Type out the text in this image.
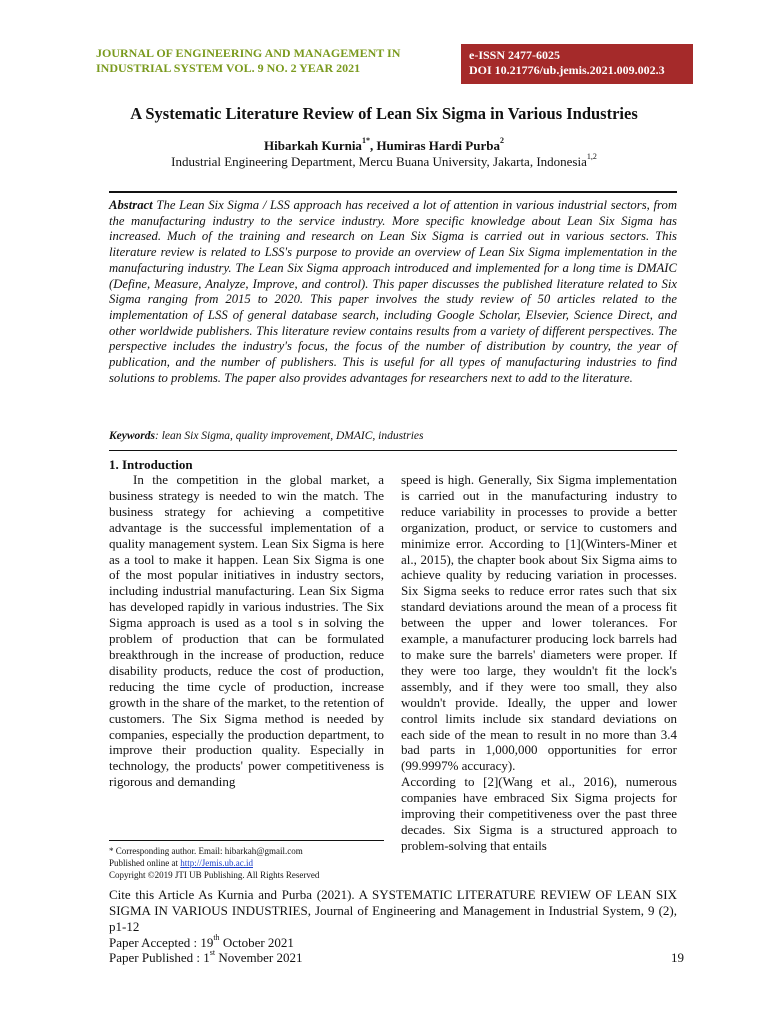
JOURNAL OF ENGINEERING AND MANAGEMENT IN
INDUSTRIAL SYSTEM VOL. 9 NO. 2 YEAR 2021
e-ISSN 2477-6025
DOI 10.21776/ub.jemis.2021.009.002.3
A Systematic Literature Review of Lean Six Sigma in Various Industries
Hibarkah Kurnia$^{1*}$, Humiras Hardi Purba$^2$
Industrial Engineering Department, Mercu Buana University, Jakarta, Indonesia$^{1,2}$
Abstract The Lean Six Sigma / LSS approach has received a lot of attention in various industrial sectors, from the manufacturing industry to the service industry. More specific knowledge about Lean Six Sigma has increased. Much of the training and research on Lean Six Sigma is carried out in various sectors. This literature review is related to LSS's purpose to provide an overview of Lean Six Sigma implementation in the manufacturing industry. The Lean Six Sigma approach introduced and implemented for a long time is DMAIC (Define, Measure, Analyze, Improve, and control). This paper discusses the published literature related to Six Sigma ranging from 2015 to 2020. This paper involves the study review of 50 articles related to the implementation of LSS of general database search, including Google Scholar, Elsevier, Science Direct, and other worldwide publishers. This literature review contains results from a variety of different perspectives. The perspective includes the industry's focus, the focus of the number of distribution by country, the year of publication, and the number of publishers. This is useful for all types of manufacturing industries to find solutions to problems. The paper also provides advantages for researchers next to add to the literature.
Keywords: lean Six Sigma, quality improvement, DMAIC, industries
1. Introduction
In the competition in the global market, a business strategy is needed to win the match. The business strategy for achieving a competitive advantage is the successful implementation of a quality management system. Lean Six Sigma is here as a tool to make it happen. Lean Six Sigma is one of the most popular initiatives in industry sectors, including industrial manufacturing. Lean Six Sigma has developed rapidly in various industries. The Six Sigma approach is used as a tool s in solving the problem of production that can be formulated breakthrough in the increase of production, reduce disability products, reduce the cost of production, reducing the time cycle of production, increase growth in the share of the market, to the retention of customers. The Six Sigma method is needed by companies, especially the production department, to improve their production quality. Especially in technology, the products' power competitiveness is rigorous and demanding

speed is high. Generally, Six Sigma implementation is carried out in the manufacturing industry to reduce variability in processes to provide a better organization, product, or service to customers and minimize error. According to [1](Winters-Miner et al., 2015), the chapter book about Six Sigma aims to achieve quality by reducing variation in processes. Six Sigma seeks to reduce error rates such that six standard deviations around the mean of a process fit between the upper and lower tolerances. For example, a manufacturer producing lock barrels had to make sure the barrels' diameters were proper. If they were too large, they wouldn't fit the lock's assembly, and if they were too small, they also wouldn't provide. Ideally, the upper and lower control limits include six standard deviations on each side of the mean to result in no more than 3.4 bad parts in 1,000,000 opportunities for error (99.9997% accuracy).

According to [2](Wang et al., 2016), numerous companies have embraced Six Sigma projects for improving their competitiveness over the past three decades. Six Sigma is a structured approach to problem-solving that entails

* Corresponding author. Email: hibarkah@gmail.com
Published online at http://Jemis.ub.ac.id
Copyright ©2019 JTI UB Publishing. All Rights Reserved
Cite this Article As Kurnia and Purba (2021). A SYSTEMATIC LITERATURE REVIEW OF LEAN SIX SIGMA IN VARIOUS INDUSTRIES, Journal of Engineering and Management in Industrial System, 9 (2), p1-12
Paper Accepted : 19th October 2021
Paper Published : 1st November 2021	19
